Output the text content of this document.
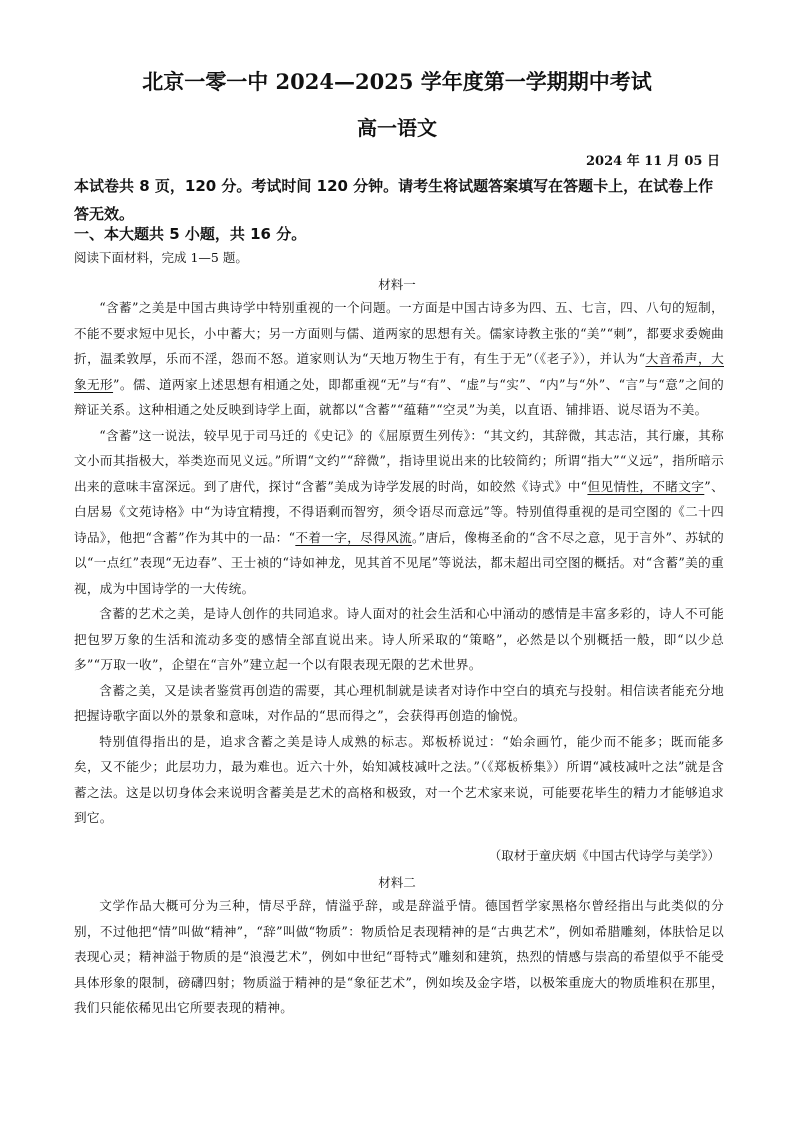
北京一零一中 2024—2025 学年度第一学期期中考试
高一语文
2024 年 11 月 05 日
本试卷共 8 页，120 分。考试时间 120 分钟。请考生将试题答案填写在答题卡上，在试卷上作答无效。
一、本大题共 5 小题，共 16 分。
阅读下面材料，完成 1—5 题。
材料一

“含蓄”之美是中国古典诗学中特别重视的一个问题。一方面是中国古诗多为四、五、七言，四、八句的短制，不能不要求短中见长，小中蓄大；另一方面则与儒、道两家的思想有关。儒家诗教主张的“美”“刺”，都要求委婉曲折，温柔敦厚，乐而不淫，怨而不怒。道家则认为“天地万物生于有，有生于无”（《老子》），并认为“大音希声，大象无形”。儒、道两家上述思想有相通之处，即都重视“无”与“有”、“虚”与“实”、“内”与“外”、“言”与“意”之间的辩证关系。这种相通之处反映到诗学上面，就都以“含蓄”“蕴藉”“空灵”为美，以直语、铺排语、说尽语为不美。

“含蓄”这一说法，较早见于司马迁的《史记》的《屈原贾生列传》：“其文约，其辞微，其志洁，其行廉，其称文小而其指极大，举类迩而见义远。”所谓“文约”“辞微”，指诗里说出来的比较简约；所谓“指大”“义远”，指所暗示出来的意味丰富深远。到了唐代，探讨“含蓄”美成为诗学发展的时尚，如皎然《诗式》中“但见情性，不睹文字”、白居易《文苑诗格》中“为诗宜精搜，不得语剩而智穷，须令语尽而意远”等。特别值得重视的是司空图的《二十四诗品》，他把“含蓄”作为其中的一品：“不着一字，尽得风流。”唐后，像梅圣俞的“含不尽之意，见于言外”、苏轼的以“一点红”表现“无边春”、王士祯的“诗如神龙，见其首不见尾”等说法，都未超出司空图的概括。对“含蓄”美的重视，成为中国诗学的一大传统。

含蓄的艺术之美，是诗人创作的共同追求。诗人面对的社会生活和心中涌动的感情是丰富多彩的，诗人不可能把包罗万象的生活和流动多变的感情全部直说出来。诗人所采取的“策略”，必然是以个别概括一般，即“以少总多”“万取一收”，企望在“言外”建立起一个以有限表现无限的艺术世界。

含蓄之美，又是读者鉴赏再创造的需要，其心理机制就是读者对诗作中空白的填充与投射。相信读者能充分地把握诗歌字面以外的景象和意味，对作品的“思而得之”，会获得再创造的愉悦。

特别值得指出的是，追求含蓄之美是诗人成熟的标志。郑板桥说过：“始余画竹，能少而不能多；既而能多矣，又不能少；此层功力，最为难也。近六十外，始知减枝减叶之法。”（《郑板桥集》）所谓“减枝减叶之法”就是含蓄之法。这是以切身体会来说明含蓄美是艺术的高格和极致，对一个艺术家来说，可能要花毕生的精力才能够追求到它。

（取材于童庆炳《中国古代诗学与美学》）
材料二

文学作品大概可分为三种，情尽乎辞，情溢乎辞，或是辞溢乎情。德国哲学家黑格尔曾经指出与此类似的分别，不过他把“情”叫做“精神”，“辞”叫做“物质”：物质恰足表现精神的是“古典艺术”，例如希腊雕刻，体肤恰足以表现心灵；精神溢于物质的是“浪漫艺术”，例如中世纪“哥特式”雕刻和建筑，热烈的情感与崇高的希望似乎不能受具体形象的限制，磅礴四射；物质溢于精神的是“象征艺术”，例如埃及金字塔，以极笨重庞大的物质堆积在那里，我们只能依稀见出它所要表现的精神。
